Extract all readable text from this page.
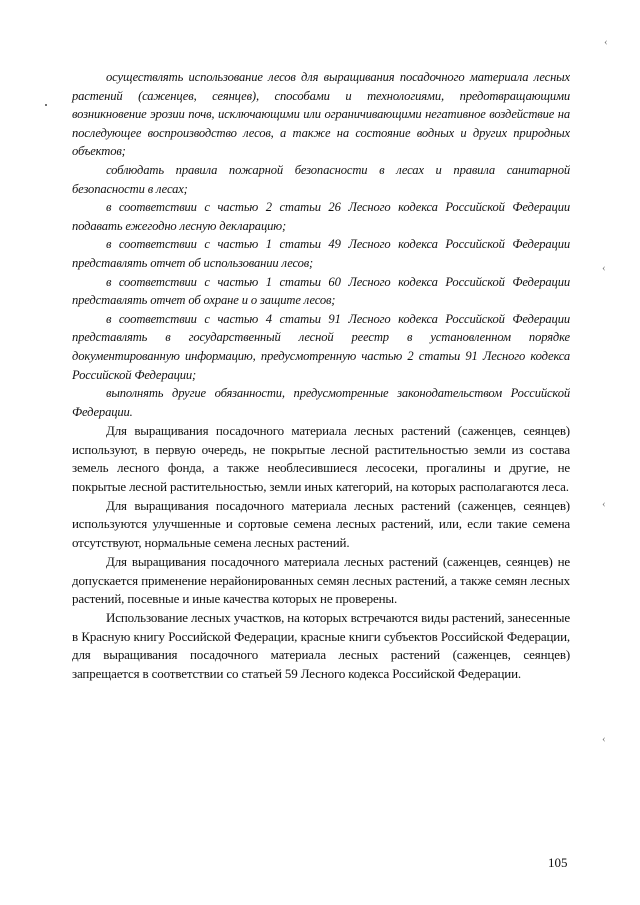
осуществлять использование лесов для выращивания посадочного материала лесных растений (саженцев, сеянцев), способами и технологиями, предотвращающими возникновение эрозии почв, исключающими или ограничивающими негативное воздействие на последующее воспроизводство лесов, а также на состояние водных и других природных объектов;

соблюдать правила пожарной безопасности в лесах и правила санитарной безопасности в лесах;

в соответствии с частью 2 статьи 26 Лесного кодекса Российской Федерации подавать ежегодно лесную декларацию;

в соответствии с частью 1 статьи 49 Лесного кодекса Российской Федерации представлять отчет об использовании лесов;

в соответствии с частью 1 статьи 60 Лесного кодекса Российской Федерации представлять отчет об охране и о защите лесов;

в соответствии с частью 4 статьи 91 Лесного кодекса Российской Федерации представлять в государственный лесной реестр в установленном порядке документированную информацию, предусмотренную частью 2 статьи 91 Лесного кодекса Российской Федерации;

выполнять другие обязанности, предусмотренные законодательством Российской Федерации.

Для выращивания посадочного материала лесных растений (саженцев, сеянцев) используют, в первую очередь, не покрытые лесной растительностью земли из состава земель лесного фонда, а также необлесившиеся лесосеки, прогалины и другие, не покрытые лесной растительностью, земли иных категорий, на которых располагаются леса.

Для выращивания посадочного материала лесных растений (саженцев, сеянцев) используются улучшенные и сортовые семена лесных растений, или, если такие семена отсутствуют, нормальные семена лесных растений.

Для выращивания посадочного материала лесных растений (саженцев, сеянцев) не допускается применение нерайонированных семян лесных растений, а также семян лесных растений, посевные и иные качества которых не проверены.

Использование лесных участков, на которых встречаются виды растений, занесенные в Красную книгу Российской Федерации, красные книги субъектов Российской Федерации, для выращивания посадочного материала лесных растений (саженцев, сеянцев) запрещается в соответствии со статьей 59 Лесного кодекса Российской Федерации.

105
‹
‹
‹
‹
